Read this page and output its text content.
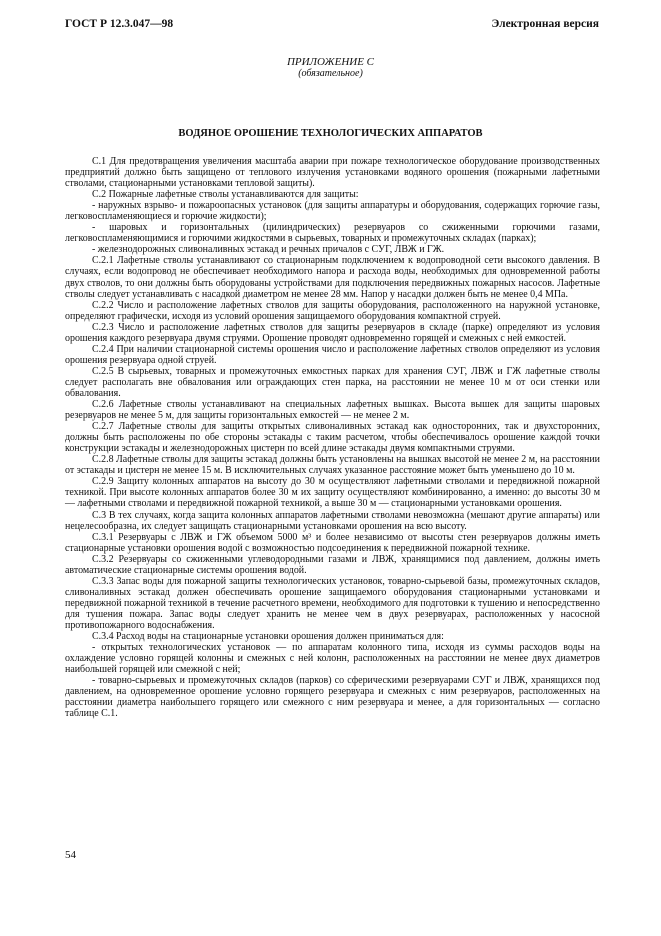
ГОСТ Р 12.3.047—98	Электронная версия
ПРИЛОЖЕНИЕ С
(обязательное)
ВОДЯНОЕ ОРОШЕНИЕ ТЕХНОЛОГИЧЕСКИХ АППАРАТОВ

С.1 Для предотвращения увеличения масштаба аварии при пожаре технологическое оборудование производственных предприятий должно быть защищено от теплового излучения установками водяного орошения (пожарными лафетными стволами, стационарными установками тепловой защиты).

С.2 Пожарные лафетные стволы устанавливаются для защиты:

- наружных взрыво- и пожароопасных установок (для защиты аппаратуры и оборудования, содержащих горючие газы, легковоспламеняющиеся и горючие жидкости);

- шаровых и горизонтальных (цилиндрических) резервуаров со сжиженными горючими газами, легковоспламеняющимися и горючими жидкостями в сырьевых, товарных и промежуточных складах (парках);

- железнодорожных сливоналивных эстакад и речных причалов с СУГ, ЛВЖ и ГЖ.

С.2.1 Лафетные стволы устанавливают со стационарным подключением к водопроводной сети высокого давления. В случаях, если водопровод не обеспечивает необходимого напора и расхода воды, необходимых для одновременной работы двух стволов, то они должны быть оборудованы устройствами для подключения передвижных пожарных насосов. Лафетные стволы следует устанавливать с насадкой диаметром не менее 28 мм. Напор у насадки должен быть не менее 0,4 МПа.

С.2.2 Число и расположение лафетных стволов для защиты оборудования, расположенного на наружной установке, определяют графически, исходя из условий орошения защищаемого оборудования компактной струей.

С.2.3 Число и расположение лафетных стволов для защиты резервуаров в складе (парке) определяют из условия орошения каждого резервуара двумя струями. Орошение проводят одновременно горящей и смежных с ней емкостей.

С.2.4 При наличии стационарной системы орошения число и расположение лафетных стволов определяют из условия орошения резервуара одной струей.

С.2.5 В сырьевых, товарных и промежуточных емкостных парках для хранения СУГ, ЛВЖ и ГЖ лафетные стволы следует располагать вне обвалования или ограждающих стен парка, на расстоянии не менее 10 м от оси стенки или обвалования.

С.2.6 Лафетные стволы устанавливают на специальных лафетных вышках. Высота вышек для защиты шаровых резервуаров не менее 5 м, для защиты горизонтальных емкостей — не менее 2 м.

С.2.7 Лафетные стволы для защиты открытых сливоналивных эстакад как односторонних, так и двухсторонних, должны быть расположены по обе стороны эстакады с таким расчетом, чтобы обеспечивалось орошение каждой точки конструкции эстакады и железнодорожных цистерн по всей длине эстакады двумя компактными струями.

С.2.8 Лафетные стволы для защиты эстакад должны быть установлены на вышках высотой не менее 2 м, на расстоянии от эстакады и цистерн не менее 15 м. В исключительных случаях указанное расстояние может быть уменьшено до 10 м.

С.2.9 Защиту колонных аппаратов на высоту до 30 м осуществляют лафетными стволами и передвижной пожарной техникой. При высоте колонных аппаратов более 30 м их защиту осуществляют комбинированно, а именно: до высоты 30 м — лафетными стволами и передвижной пожарной техникой, а выше 30 м — стационарными установками орошения.

С.3 В тех случаях, когда защита колонных аппаратов лафетными стволами невозможна (мешают другие аппараты) или нецелесообразна, их следует защищать стационарными установками орошения на всю высоту.

С.3.1 Резервуары с ЛВЖ и ГЖ объемом 5000 м³ и более независимо от высоты стен резервуаров должны иметь стационарные установки орошения водой с возможностью подсоединения к передвижной пожарной технике.

С.3.2 Резервуары со сжиженными углеводородными газами и ЛВЖ, хранящимися под давлением, должны иметь автоматические стационарные системы орошения водой.

С.3.3 Запас воды для пожарной защиты технологических установок, товарно-сырьевой базы, промежуточных складов, сливоналивных эстакад должен обеспечивать орошение защищаемого оборудования стационарными установками и передвижной пожарной техникой в течение расчетного времени, необходимого для подготовки к тушению и непосредственно для тушения пожара. Запас воды следует хранить не менее чем в двух резервуарах, расположенных у насосной противопожарного водоснабжения.

С.3.4 Расход воды на стационарные установки орошения должен приниматься для:

- открытых технологических установок — по аппаратам колонного типа, исходя из суммы расходов воды на охлаждение условно горящей колонны и смежных с ней колонн, расположенных на расстоянии не менее двух диаметров наибольшей горящей или смежной с ней;

- товарно-сырьевых и промежуточных складов (парков) со сферическими резервуарами СУГ и ЛВЖ, хранящихся под давлением, на одновременное орошение условно горящего резервуара и смежных с ним резервуаров, расположенных на расстоянии диаметра наибольшего горящего или смежного с ним резервуара и менее, а для горизонтальных — согласно таблице С.1.

54
